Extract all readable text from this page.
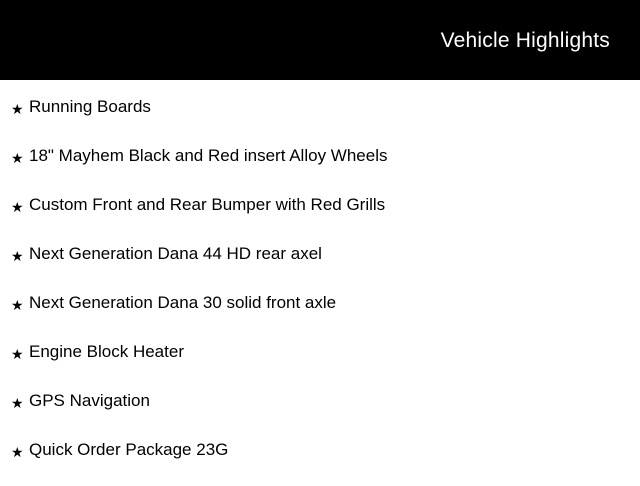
Vehicle Highlights
★ Running Boards
★ 18" Mayhem Black and Red insert Alloy Wheels
★ Custom Front and Rear Bumper with Red Grills
★ Next Generation Dana 44 HD rear axel
★ Next Generation Dana 30 solid front axle
★ Engine Block Heater
★ GPS Navigation
★ Quick Order Package 23G
